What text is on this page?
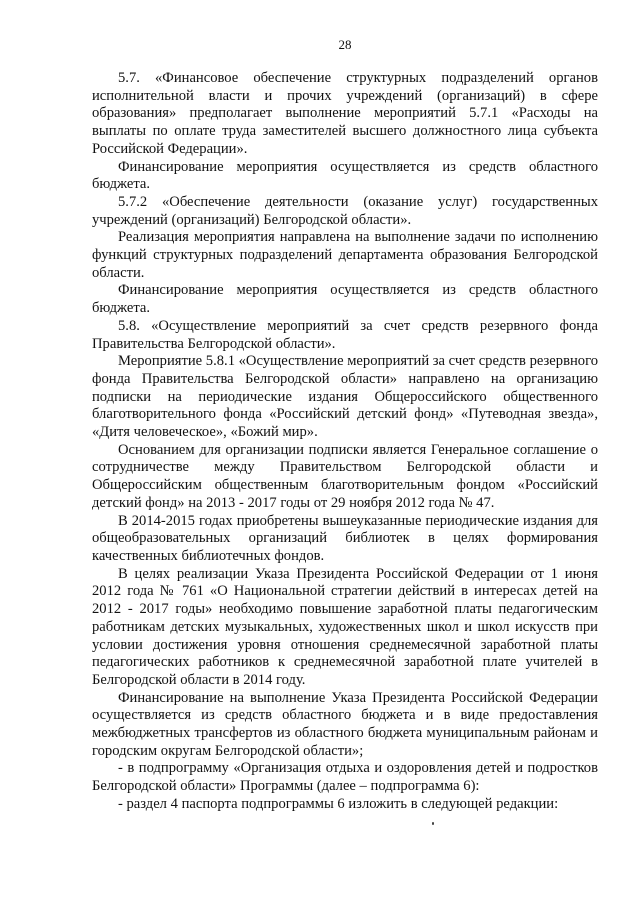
28

5.7. «Финансовое обеспечение структурных подразделений органов исполнительной власти и прочих учреждений (организаций) в сфере образования» предполагает выполнение мероприятий 5.7.1 «Расходы на выплаты по оплате труда заместителей высшего должностного лица субъекта Российской Федерации».

Финансирование мероприятия осуществляется из средств областного бюджета.

5.7.2 «Обеспечение деятельности (оказание услуг) государственных учреждений (организаций) Белгородской области».

Реализация мероприятия направлена на выполнение задачи по исполнению функций структурных подразделений департамента образования Белгородской области.

Финансирование мероприятия осуществляется из средств областного бюджета.

5.8. «Осуществление мероприятий за счет средств резервного фонда Правительства Белгородской области».

Мероприятие 5.8.1 «Осуществление мероприятий за счет средств резервного фонда Правительства Белгородской области» направлено на организацию подписки на периодические издания Общероссийского общественного благотворительного фонда «Российский детский фонд» «Путеводная звезда», «Дитя человеческое», «Божий мир».

Основанием для организации подписки является Генеральное соглашение о сотрудничестве между Правительством Белгородской области и Общероссийским общественным благотворительным фондом «Российский детский фонд» на 2013 - 2017 годы от 29 ноября 2012 года № 47.

В 2014-2015 годах приобретены вышеуказанные периодические издания для общеобразовательных организаций библиотек в целях формирования качественных библиотечных фондов.

В целях реализации Указа Президента Российской Федерации от 1 июня 2012 года № 761 «О Национальной стратегии действий в интересах детей на 2012 - 2017 годы» необходимо повышение заработной платы педагогическим работникам детских музыкальных, художественных школ и школ искусств при условии достижения уровня отношения среднемесячной заработной платы педагогических работников к среднемесячной заработной плате учителей в Белгородской области в 2014 году.

Финансирование на выполнение Указа Президента Российской Федерации осуществляется из средств областного бюджета и в виде предоставления межбюджетных трансфертов из областного бюджета муниципальным районам и городским округам Белгородской области»;

- в подпрограмму «Организация отдыха и оздоровления детей и подростков Белгородской области» Программы (далее – подпрограмма 6):

- раздел 4 паспорта подпрограммы 6 изложить в следующей редакции:
